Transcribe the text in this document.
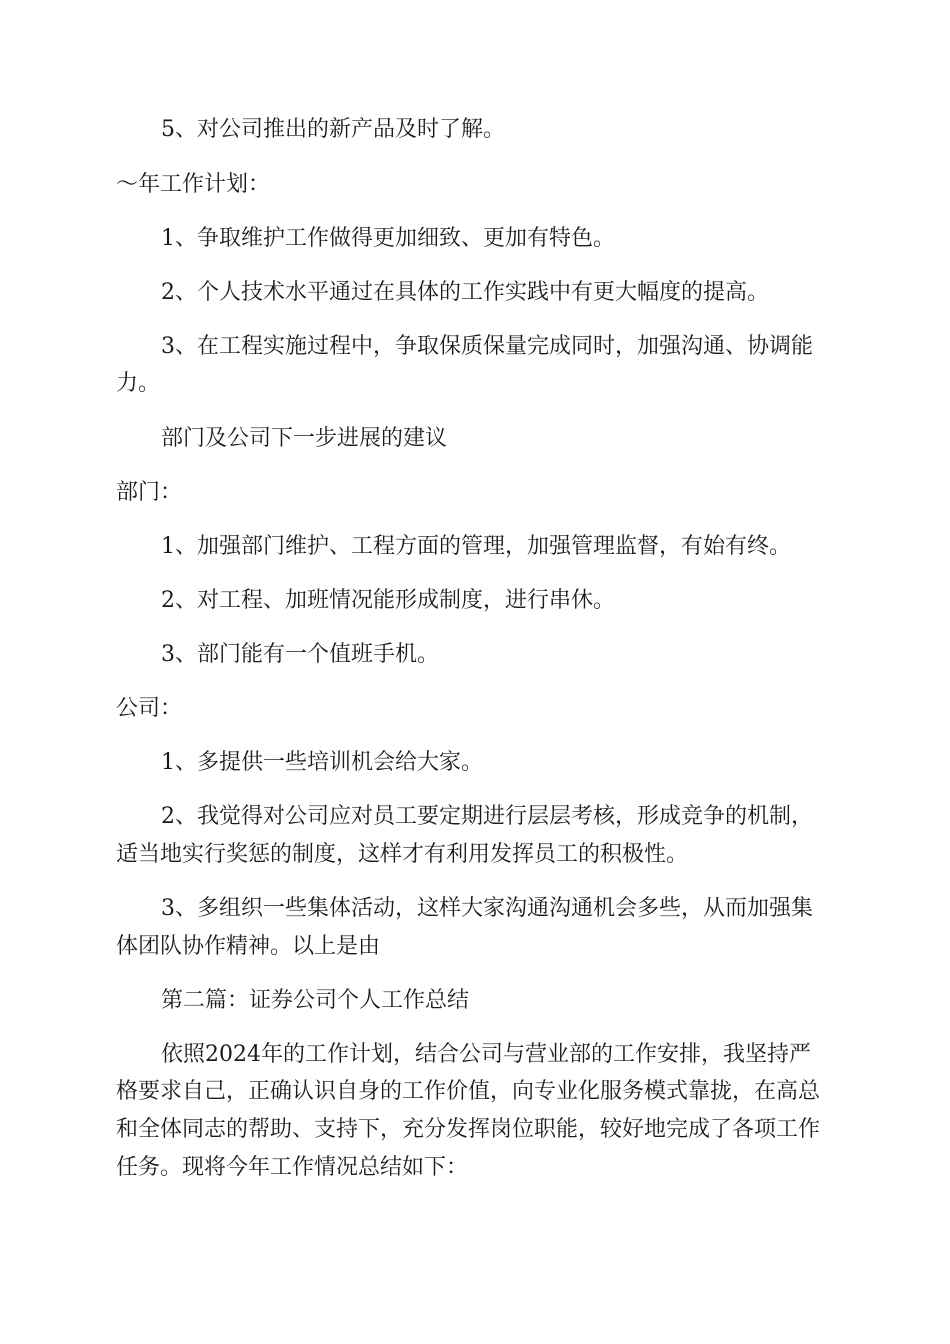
5、对公司推出的新产品及时了解。
～年工作计划：
1、争取维护工作做得更加细致、更加有特色。
2、个人技术水平通过在具体的工作实践中有更大幅度的提高。
3、在工程实施过程中，争取保质保量完成同时，加强沟通、协调能
力。
部门及公司下一步进展的建议
部门：
1、加强部门维护、工程方面的管理，加强管理监督，有始有终。
2、对工程、加班情况能形成制度，进行串休。
3、部门能有一个值班手机。
公司：
1、多提供一些培训机会给大家。
2、我觉得对公司应对员工要定期进行层层考核，形成竞争的机制，
适当地实行奖惩的制度，这样才有利用发挥员工的积极性。
3、多组织一些集体活动，这样大家沟通沟通机会多些，从而加强集
体团队协作精神。以上是由
第二篇：证券公司个人工作总结
依照2024年的工作计划，结合公司与营业部的工作安排，我坚持严
格要求自己，正确认识自身的工作价值，向专业化服务模式靠拢，在高总
和全体同志的帮助、支持下，充分发挥岗位职能，较好地完成了各项工作
任务。现将今年工作情况总结如下：
